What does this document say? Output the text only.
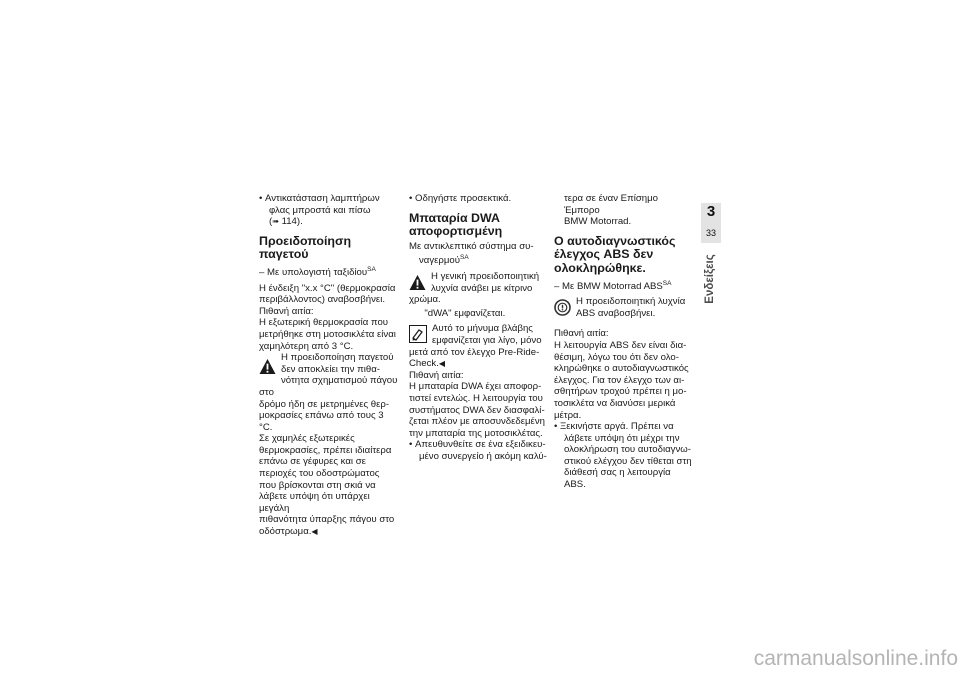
• Αντικατάσταση λαμπτήρων

φλας μπροστά και πίσω

(➠ 114).

Προειδοποίηση παγετού

– Με υπολογιστή ταξιδίου$^{SA}$

Η ένδειξη "x.x °C" (θερμοκρασία

περιβάλλοντος) αναβοσβήνει.

Πιθανή αιτία:

Η εξωτερική θερμοκρασία που

μετρήθηκε στη μοτοσικλέτα είναι

χαμηλότερη από 3 °C.

Η προειδοποίηση παγετού

δεν αποκλείει την πιθα-

νότητα σχηματισμού πάγου στο

δρόμο ήδη σε μετρημένες θερ-

μοκρασίες επάνω από τους 3 °C.

Σε χαμηλές εξωτερικές

θερμοκρασίες, πρέπει ιδιαίτερα

επάνω σε γέφυρες και σε

περιοχές του οδοστρώματος

που βρίσκονται στη σκιά να

λάβετε υπόψη ότι υπάρχει μεγάλη

πιθανότητα ύπαρξης πάγου στο

οδόστρωμα.◀

• Οδηγήστε προσεκτικά.

Μπαταρία DWA
αποφορτισμένη

Με αντικλεπτικό σύστημα συ-

ναγερμού$^{SA}$

Η γενική προειδοποιητική

λυχνία ανάβει με κίτρινο

χρώμα.

"dWA" εμφανίζεται.

Αυτό το μήνυμα βλάβης

εμφανίζεται για λίγο, μόνο

μετά από τον έλεγχο Pre-Ride-

Check.◀

Πιθανή αιτία:

Η μπαταρία DWA έχει αποφορ-

τιστεί εντελώς. Η λειτουργία του

συστήματος DWA δεν διασφαλί-

ζεται πλέον με αποσυνδεδεμένη

την μπαταρία της μοτοσικλέτας.

• Απευθυνθείτε σε ένα εξειδικευ-

μένο συνεργείο ή ακόμη καλύ-

τερα σε έναν Επίσημο Έμπορο

BMW Motorrad.

Ο αυτοδιαγνωστικός
έλεγχος ABS δεν
ολοκληρώθηκε.

– Με BMW Motorrad $ABS^{SA}$

Η προειδοποιητική λυχνία

ABS αναβοσβήνει.

Πιθανή αιτία:

Η λειτουργία ABS δεν είναι δια-

θέσιμη, λόγω του ότι δεν ολο-

κληρώθηκε ο αυτοδιαγνωστικός

έλεγχος. Για τον έλεγχο των αι-

σθητήρων τροχού πρέπει η μο-

τοσικλέτα να διανύσει μερικά

μέτρα.

• Ξεκινήστε αργά. Πρέπει να

λάβετε υπόψη ότι μέχρι την

ολοκλήρωση του αυτοδιαγνω-

στικού ελέγχου δεν τίθεται στη

διάθεσή σας η λειτουργία ABS.

3
33
Ενδείξεις
carmanualsonline.info
